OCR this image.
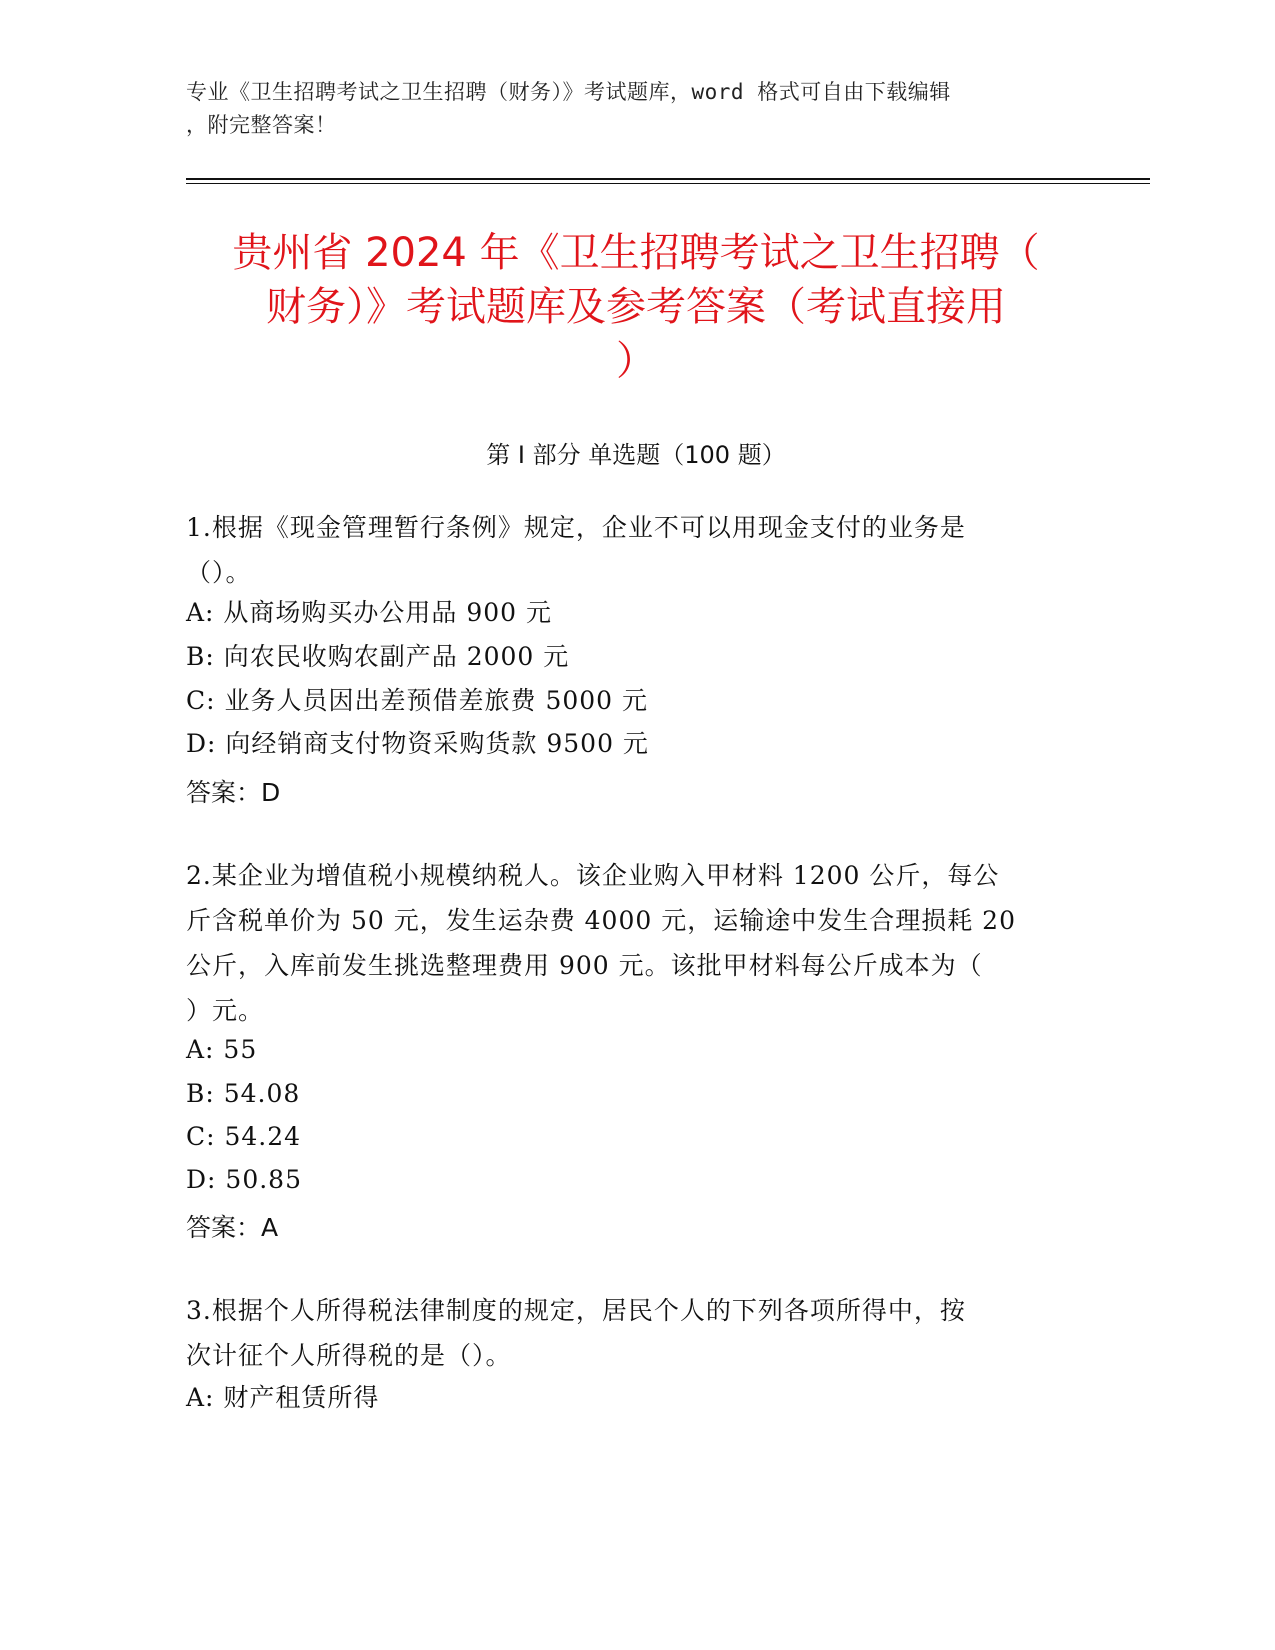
专业《卫生招聘考试之卫生招聘（财务）》考试题库，word 格式可自由下载编辑
，附完整答案！
贵州省 2024 年《卫生招聘考试之卫生招聘（
财务）》考试题库及参考答案（考试直接用
）
第 I 部分 单选题（100 题）
1.根据《现金管理暂行条例》规定，企业不可以用现金支付的业务是
（）。
A: 从商场购买办公用品 900 元
B: 向农民收购农副产品 2000 元
C: 业务人员因出差预借差旅费 5000 元
D: 向经销商支付物资采购货款 9500 元
答案：D
2.某企业为增值税小规模纳税人。该企业购入甲材料 1200 公斤，每公
斤含税单价为 50 元，发生运杂费 4000 元，运输途中发生合理损耗 20
公斤，入库前发生挑选整理费用 900 元。该批甲材料每公斤成本为（
）元。
A: 55
B: 54.08
C: 54.24
D: 50.85
答案：A
3.根据个人所得税法律制度的规定，居民个人的下列各项所得中，按
次计征个人所得税的是（）。
A: 财产租赁所得
